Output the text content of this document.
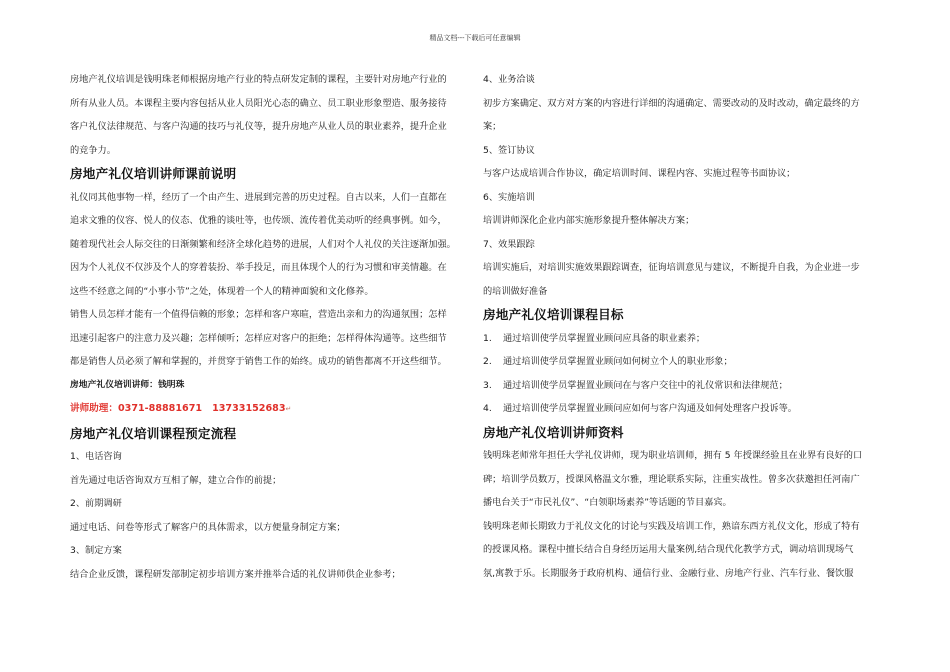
精品文档---下载后可任意编辑

房地产礼仪培训是钱明珠老师根据房地产行业的特点研发定制的课程，主要针对房地产行业的

所有从业人员。本课程主要内容包括从业人员阳光心态的确立、员工职业形象塑造、服务接待

客户礼仪法律规范、与客户沟通的技巧与礼仪等，提升房地产从业人员的职业素养，提升企业

的竞争力。

房地产礼仪培训讲师课前说明

礼仪同其他事物一样，经历了一个由产生、进展到完善的历史过程。自古以来，人们一直都在

追求文雅的仪容、悦人的仪态、优雅的谈吐等，也传颂、流传着优美动听的经典事例。如今，

随着现代社会人际交往的日渐频繁和经济全球化趋势的进展，人们对个人礼仪的关注逐渐加强。

因为个人礼仪不仅涉及个人的穿着装扮、举手投足，而且体现个人的行为习惯和审美情趣。在

这些不经意之间的“小事小节”之处，体现着一个人的精神面貌和文化修养。

销售人员怎样才能有一个值得信赖的形象；怎样和客户寒暄，营造出亲和力的沟通氛围；怎样

迅速引起客户的注意力及兴趣；怎样倾听；怎样应对客户的拒绝；怎样得体沟通等。这些细节

都是销售人员必须了解和掌握的，并贯穿于销售工作的始终。成功的销售都离不开这些细节。

房地产礼仪培训讲师：钱明珠

讲师助理：0371-88881671 13733152683↵

房地产礼仪培训课程预定流程

1、电话咨询

首先通过电话咨询双方互相了解，建立合作的前提；

2、前期调研

通过电话、问卷等形式了解客户的具体需求，以方便量身制定方案；

3、制定方案

结合企业反馈，课程研发部制定初步培训方案并推举合适的礼仪讲师供企业参考；

4、业务洽谈

初步方案确定、双方对方案的内容进行详细的沟通确定、需要改动的及时改动，确定最终的方

案；

5、签订协议

与客户达成培训合作协议，确定培训时间、课程内容、实施过程等书面协议；

6、实施培训

培训讲师深化企业内部实施形象提升整体解决方案；

7、效果跟踪

培训实施后，对培训实施效果跟踪调查，征询培训意见与建议，不断提升自我，为企业进一步

的培训做好准备

房地产礼仪培训课程目标

1. 通过培训使学员掌握置业顾问应具备的职业素养；

2. 通过培训使学员掌握置业顾问如何树立个人的职业形象；

3. 通过培训使学员掌握置业顾问在与客户交往中的礼仪常识和法律规范；

4. 通过培训使学员掌握置业顾问应如何与客户沟通及如何处理客户投诉等。

房地产礼仪培训讲师资料

钱明珠老师常年担任大学礼仪讲师，现为职业培训师，拥有 5 年授课经验且在业界有良好的口

碑；培训学员数万，授课风格温文尔雅，理论联系实际，注重实战性。曾多次获邀担任河南广

播电台关于“市民礼仪”、“白领职场素养”等话题的节目嘉宾。

钱明珠老师长期致力于礼仪文化的讨论与实践及培训工作，熟谙东西方礼仪文化，形成了特有

的授课风格。课程中擅长结合自身经历运用大量案例,结合现代化教学方式，调动培训现场气

氛,寓教于乐。长期服务于政府机构、通信行业、金融行业、房地产行业、汽车行业、餐饮服
